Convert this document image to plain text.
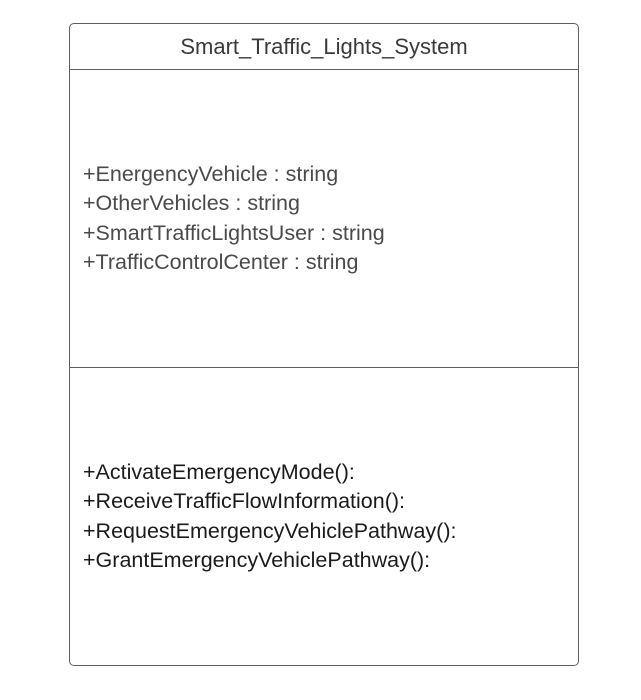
Smart_Traffic_Lights_System
+EnergencyVehicle : string
+OtherVehicles : string
+SmartTrafficLightsUser : string
+TrafficControlCenter : string
+ActivateEmergencyMode():
+ReceiveTrafficFlowInformation():
+RequestEmergencyVehiclePathway():
+GrantEmergencyVehiclePathway():
